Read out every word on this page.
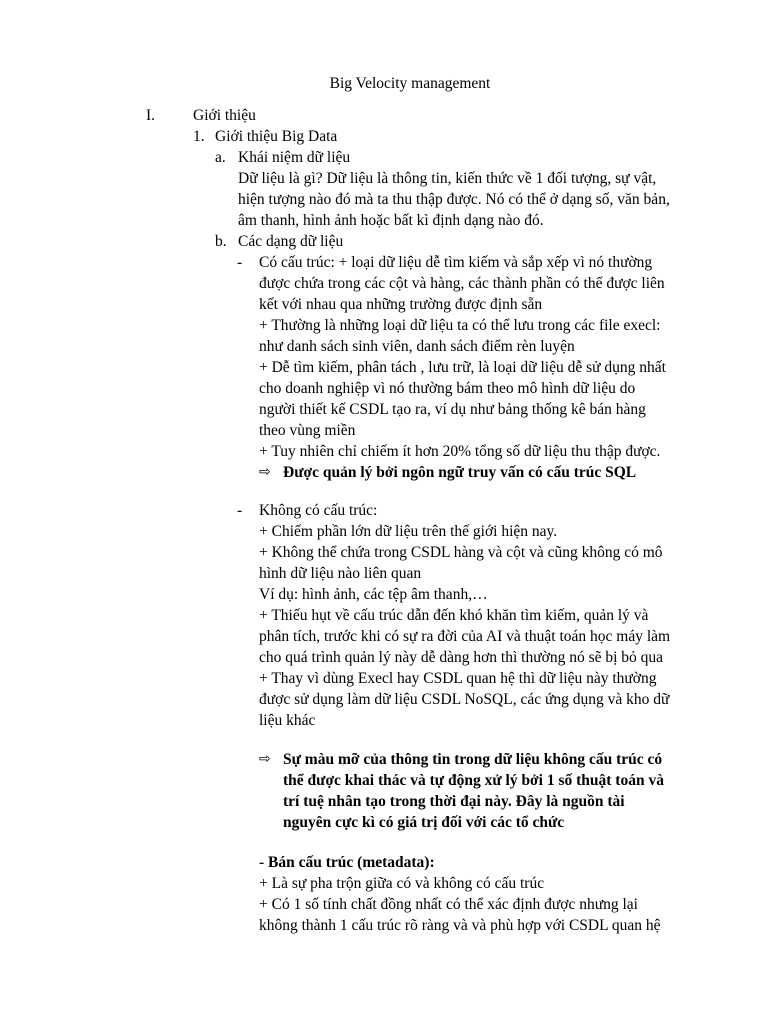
Big Velocity management
I. Giới thiệu
1. Giới thiệu Big Data
a. Khái niệm dữ liệu

Dữ liệu là gì? Dữ liệu là thông tin, kiến thức về 1 đối tượng, sự vật,

hiện tượng nào đó mà ta thu thập được. Nó có thể ở dạng số, văn bản,

âm thanh, hình ảnh hoặc bất kì định dạng nào đó.

b. Các dạng dữ liệu
- Có cấu trúc: + loại dữ liệu dễ tìm kiếm và sắp xếp vì nó thường

được chứa trong các cột và hàng, các thành phần có thể được liên

kết với nhau qua những trường được định sẵn

+ Thường là những loại dữ liệu ta có thể lưu trong các file execl:

như danh sách sinh viên, danh sách điểm rèn luyện

+ Dễ tìm kiếm, phân tách , lưu trữ, là loại dữ liệu dễ sử dụng nhất

cho doanh nghiệp vì nó thường bám theo mô hình dữ liệu do

người thiết kế CSDL tạo ra, ví dụ như bảng thống kê bán hàng

theo vùng miền

+ Tuy nhiên chỉ chiếm ít hơn 20% tổng số dữ liệu thu thập được.

⇨ Được quản lý bởi ngôn ngữ truy vấn có cấu trúc SQL
- Không có cấu trúc:

+ Chiếm phần lớn dữ liệu trên thế giới hiện nay.

+ Không thể chứa trong CSDL hàng và cột và cũng không có mô

hình dữ liệu nào liên quan

Ví dụ: hình ảnh, các tệp âm thanh,…

+ Thiếu hụt về cấu trúc dẫn đến khó khăn tìm kiếm, quản lý và

phân tích, trước khi có sự ra đời của AI và thuật toán học máy làm

cho quá trình quản lý này dễ dàng hơn thì thường nó sẽ bị bỏ qua

+ Thay vì dùng Execl hay CSDL quan hệ thì dữ liệu này thường

được sử dụng làm dữ liệu CSDL NoSQL, các ứng dụng và kho dữ

liệu khác

⇨ Sự màu mỡ của thông tin trong dữ liệu không cấu trúc có
thể được khai thác và tự động xử lý bởi 1 số thuật toán và
trí tuệ nhân tạo trong thời đại này. Đây là nguồn tài
nguyên cực kì có giá trị đối với các tổ chức

- Bán cấu trúc (metadata):

+ Là sự pha trộn giữa có và không có cấu trúc

+ Có 1 số tính chất đồng nhất có thể xác định được nhưng lại

không thành 1 cấu trúc rõ ràng và và phù hợp với CSDL quan hệ
